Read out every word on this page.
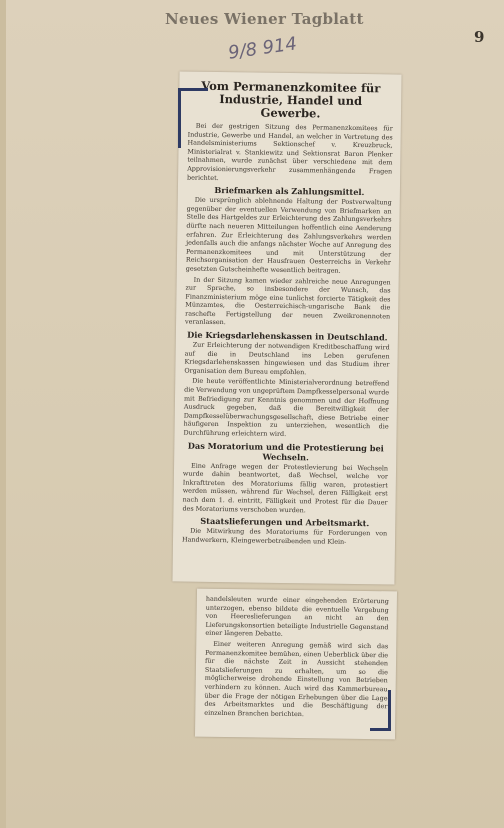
Neues Wiener Tagblatt
9
9/8 914
Vom Permanenzkomitee für Industrie, Handel und Gewerbe.

Bei der gestrigen Sitzung des Permanenzkomitees für Industrie, Gewerbe und Handel, an welcher in Vertretung des Handelsministeriums Sektionschef v. Kreuzbruck, Ministerialrat v. Stankiewitz und Sektionsrat Baron Plenker teilnahmen, wurde zunächst über verschiedene mit dem Approvisionierungsverkehr zusammenhängende Fragen berichtet.

Briefmarken als Zahlungsmittel.

Die ursprünglich ablehnende Haltung der Postverwaltung gegenüber der eventuellen Verwendung von Briefmarken an Stelle des Hartgeldes zur Erleichterung des Zahlungsverkehrs dürfte nach neueren Mitteilungen hoffentlich eine Aenderung erfahren. Zur Erleichterung des Zahlungsverkehrs werden jedenfalls auch die anfangs nächster Woche auf Anregung des Permanenzkomitees und mit Unterstützung der Reichsorganisation der Hausfrauen Oesterreichs in Verkehr gesetzten Gutscheinhefte wesentlich beitragen.

In der Sitzung kamen wieder zahlreiche neue Anregungen zur Sprache, so insbesondere der Wunsch, das Finanzministerium möge eine tunlichst forcierte Tätigkeit des Münzamtes, die Oesterreichisch-ungarische Bank die raschefte Fertigstellung der neuen Zweikronennoten veranlassen.

Die Kriegsdarlehenskassen in Deutschland.

Zur Erleichterung der notwendigen Kreditbeschaffung wird auf die in Deutschland ins Leben gerufenen Kriegsdarlehenskassen hingewiesen und das Studium ihrer Organisation dem Bureau empfohlen.

Die heute veröffentlichte Ministerialverordnung betreffend die Verwendung von ungeprüftem Dampfkesselpersonal wurde mit Befriedigung zur Kenntnis genommen und der Hoffnung Ausdruck gegeben, daß die Bereitwilligkeit der Dampfkesselüberwachungsgesellschaft, diese Betriebe einer häufigeren Inspektion zu unterziehen, wesentlich die Durchführung erleichtern wird.

Das Moratorium und die Protestierung bei Wechseln.

Eine Anfrage wegen der Protestlevierung bei Wechseln wurde dahin beantwortet, daß Wechsel, welche vor Inkrafttreten des Moratoriums fällig waren, protestiert werden müssen, während für Wechsel, deren Fälligkeit erst nach dem 1. d. eintritt, Fälligkeit und Protest für die Dauer des Moratoriums verschoben wurden.

Staatslieferungen und Arbeitsmarkt.

Die Mitwirkung des Moratoriums für Forderungen von Handwerkern, Kleingewerbetreibenden und Klein-

handelsleuten wurde einer eingehenden Erörterung unterzogen, ebenso bildete die eventuelle Vergebung von Heereslieferungen an nicht an den Lieferungskonsortien beteiligte Industrielle Gegenstand einer längeren Debatte.

Einer weiteren Anregung gemäß wird sich das Permanenzkomitee bemühen, einen Ueberblick über die für die nächste Zeit in Aussicht stehenden Staatslieferungen zu erhalten, um so die möglicherweise drohende Einstellung von Betrieben verhindern zu können. Auch wird das Kammerbureau über die Frage der nötigen Erhebungen über die Lage des Arbeitsmarktes und die Beschäftigung der einzelnen Branchen berichten.
